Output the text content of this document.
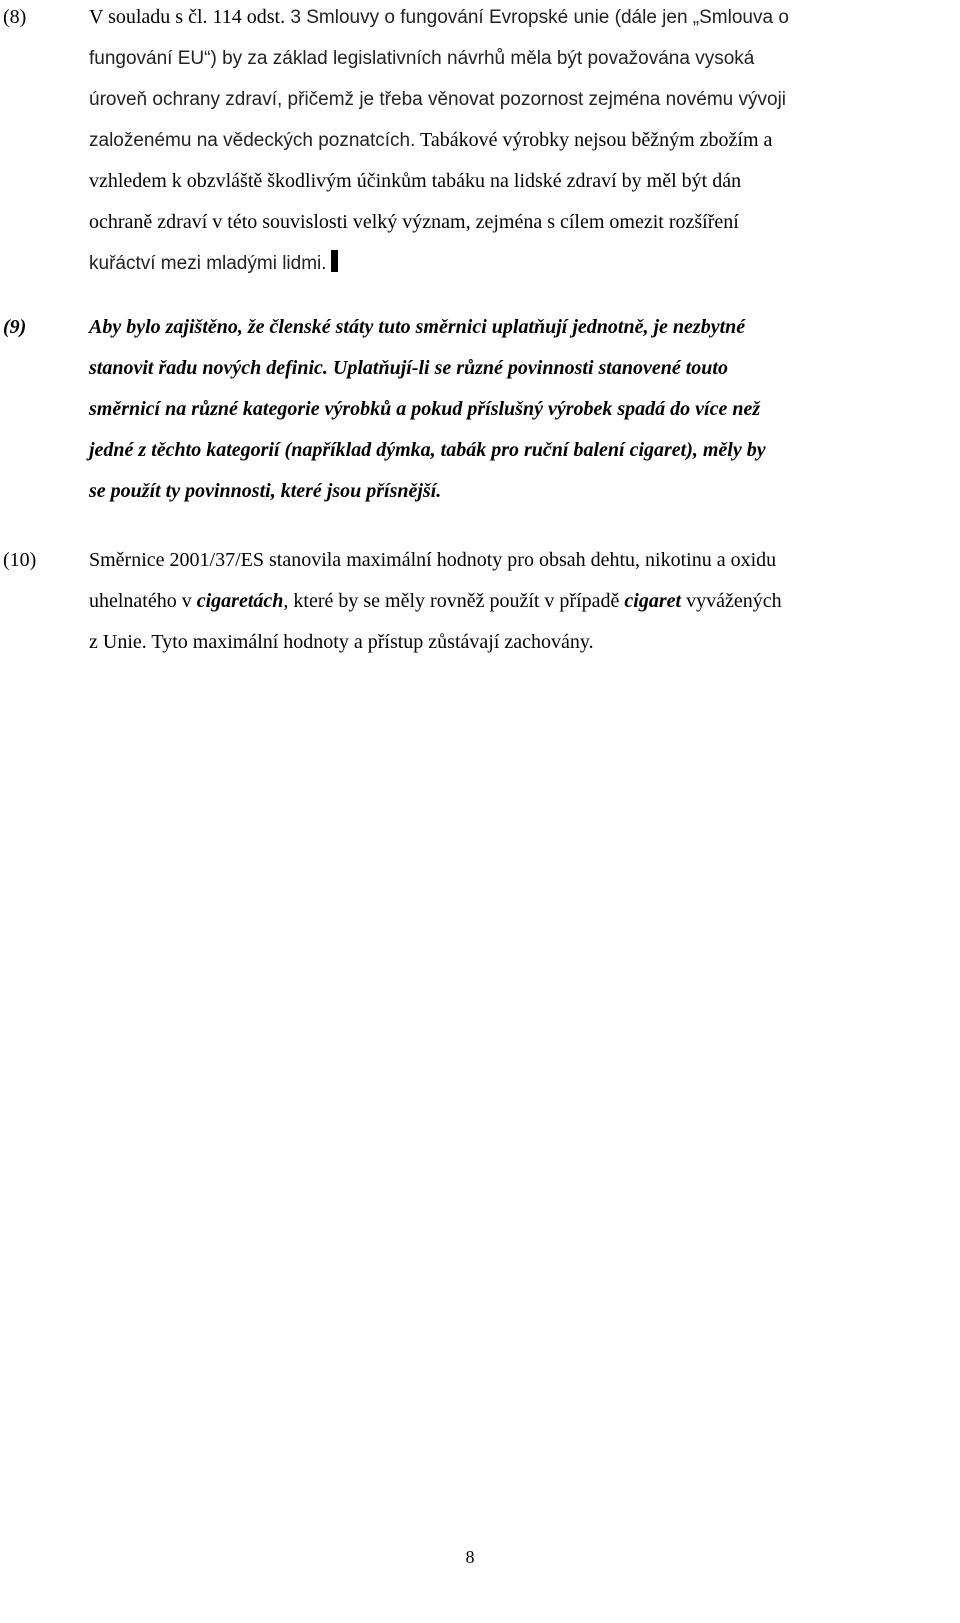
(8)	V souladu s čl. 114 odst. 3 Smlouvy o fungování Evropské unie (dále jen „Smlouva o
fungování EU“) by za základ legislativních návrhů měla být považována vysoká
úroveň ochrany zdraví, přičemž je třeba věnovat pozornost zejména novému vývoji
založenému na vědeckých poznatcích. Tabákové výrobky nejsou běžným zbožím a
vzhledem k obzvláště škodlivým účinkům tabáku na lidské zdraví by měl být dán
ochraně zdraví v této souvislosti velký význam, zejména s cílem omezit rozšíření
kuřáctví mezi mladými lidmi.
(9)	Aby bylo zajištěno, že členské státy tuto směrnici uplatňují jednotně, je nezbytné
stanovit řadu nových definic. Uplatňují-li se různé povinnosti stanovené touto
směrnicí na různé kategorie výrobků a pokud příslušný výrobek spadá do více než
jedné z těchto kategorií (například dýmka, tabák pro ruční balení cigaret), měly by
se použít ty povinnosti, které jsou přísnější.
(10)	Směrnice 2001/37/ES stanovila maximální hodnoty pro obsah dehtu, nikotinu a oxidu
uhelnatého v cigaretách, které by se měly rovněž použít v případě cigaret vyvážených
z Unie. Tyto maximální hodnoty a přístup zůstávají zachovány.
8
